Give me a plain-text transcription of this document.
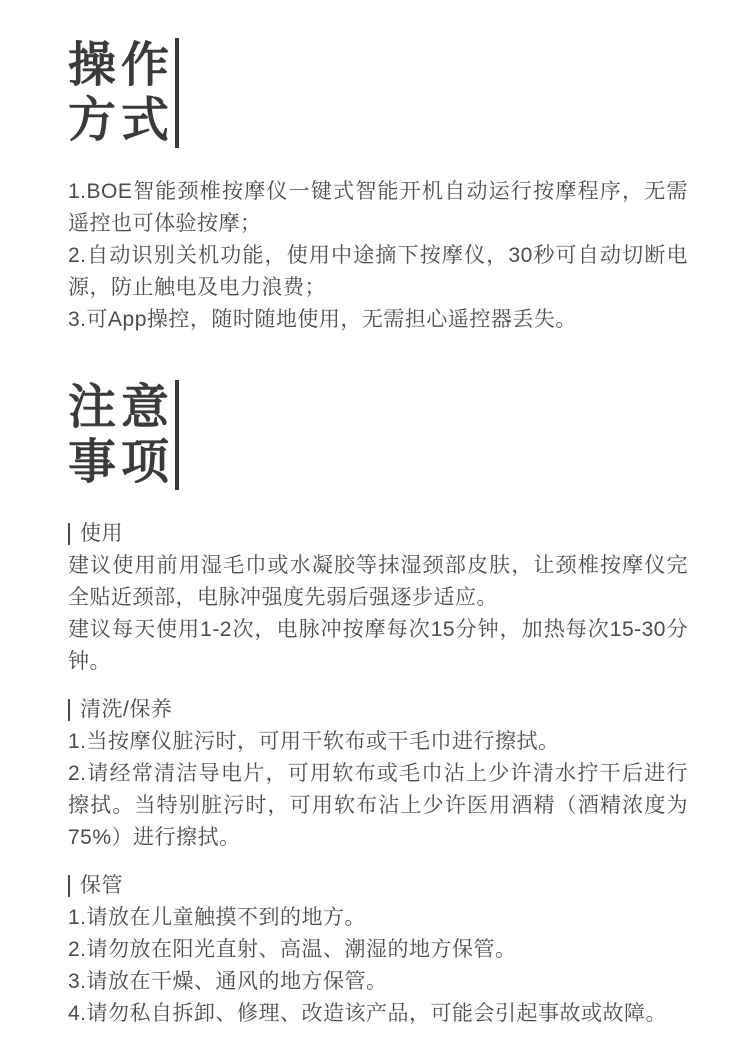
操作
方式

1.BOE智能颈椎按摩仪一键式智能开机自动运行按摩程序，无需遥控也可体验按摩；

2.自动识别关机功能，使用中途摘下按摩仪，30秒可自动切断电源，防止触电及电力浪费；

3.可App操控，随时随地使用，无需担心遥控器丢失。

注意
事项
使用

建议使用前用湿毛巾或水凝胶等抹湿颈部皮肤，让颈椎按摩仪完全贴近颈部，电脉冲强度先弱后强逐步适应。

建议每天使用1-2次，电脉冲按摩每次15分钟，加热每次15-30分钟。

清洗/保养

1.当按摩仪脏污时，可用干软布或干毛巾进行擦拭。

2.请经常清洁导电片，可用软布或毛巾沾上少许清水拧干后进行擦拭。当特别脏污时，可用软布沾上少许医用酒精（酒精浓度为75%）进行擦拭。

保管

1.请放在儿童触摸不到的地方。

2.请勿放在阳光直射、高温、潮湿的地方保管。

3.请放在干燥、通风的地方保管。

4.请勿私自拆卸、修理、改造该产品，可能会引起事故或故障。
